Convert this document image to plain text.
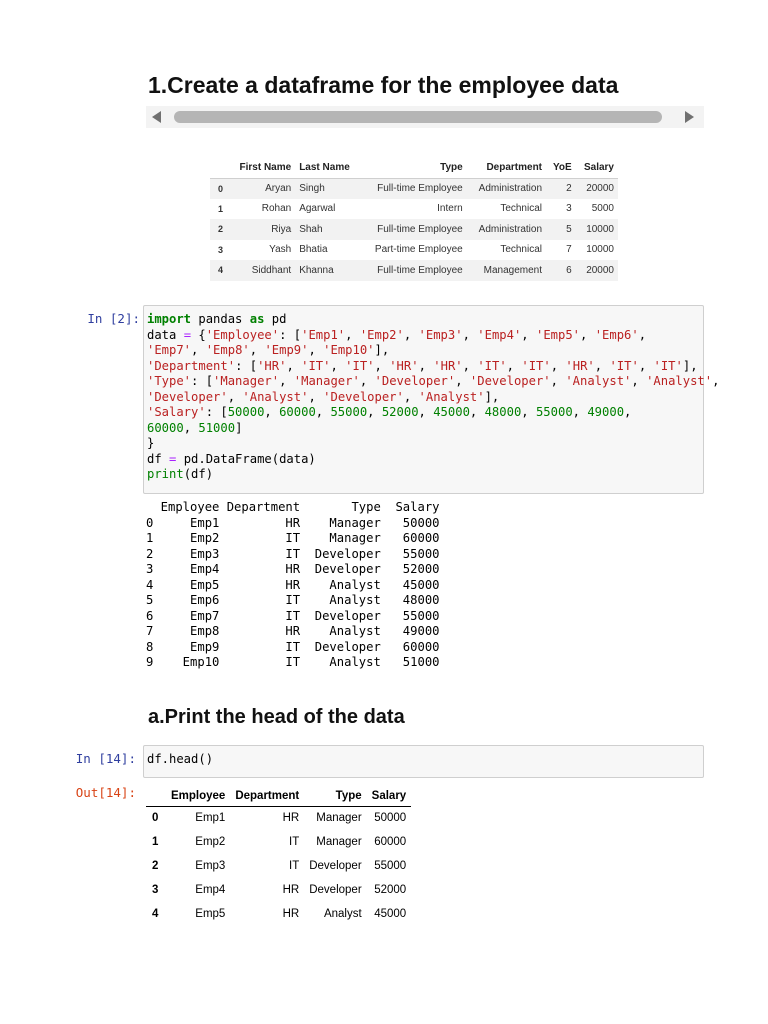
1.Create a dataframe for the employee data
	First Name	Last Name	Type	Department	YoE	Salary
0	Aryan	Singh	Full-time Employee	Administration	2	20000
1	Rohan	Agarwal	Intern	Technical	3	5000
2	Riya	Shah	Full-time Employee	Administration	5	10000
3	Yash	Bhatia	Part-time Employee	Technical	7	10000
4	Siddhant	Khanna	Full-time Employee	Management	6	20000
In [2]: import pandas as pd
data = {'Employee': ['Emp1', 'Emp2', 'Emp3', 'Emp4', 'Emp5', 'Emp6',
'Emp7', 'Emp8', 'Emp9', 'Emp10'],
'Department': ['HR', 'IT', 'IT', 'HR', 'HR', 'IT', 'IT', 'HR', 'IT', 'IT'],
'Type': ['Manager', 'Manager', 'Developer', 'Developer', 'Analyst', 'Analyst',
'Developer', 'Analyst', 'Developer', 'Analyst'],
'Salary': [50000, 60000, 55000, 52000, 45000, 48000, 55000, 49000,
60000, 51000]
}
df = pd.DataFrame(data)
print(df)
Employee Department       Type  Salary
0     Emp1         HR    Manager   50000
1     Emp2         IT    Manager   60000
2     Emp3         IT  Developer   55000
3     Emp4         HR  Developer   52000
4     Emp5         HR    Analyst   45000
5     Emp6         IT    Analyst   48000
6     Emp7         IT  Developer   55000
7     Emp8         HR    Analyst   49000
8     Emp9         IT  Developer   60000
9    Emp10         IT    Analyst   51000
a.Print the head of the data
In [14]: df.head()
Out[14]:
		Employee	Department	Type	Salary
0	Emp1	HR	Manager	50000
1	Emp2	IT	Manager	60000
2	Emp3	IT	Developer	55000
3	Emp4	HR	Developer	52000
4	Emp5	HR	Analyst	45000
